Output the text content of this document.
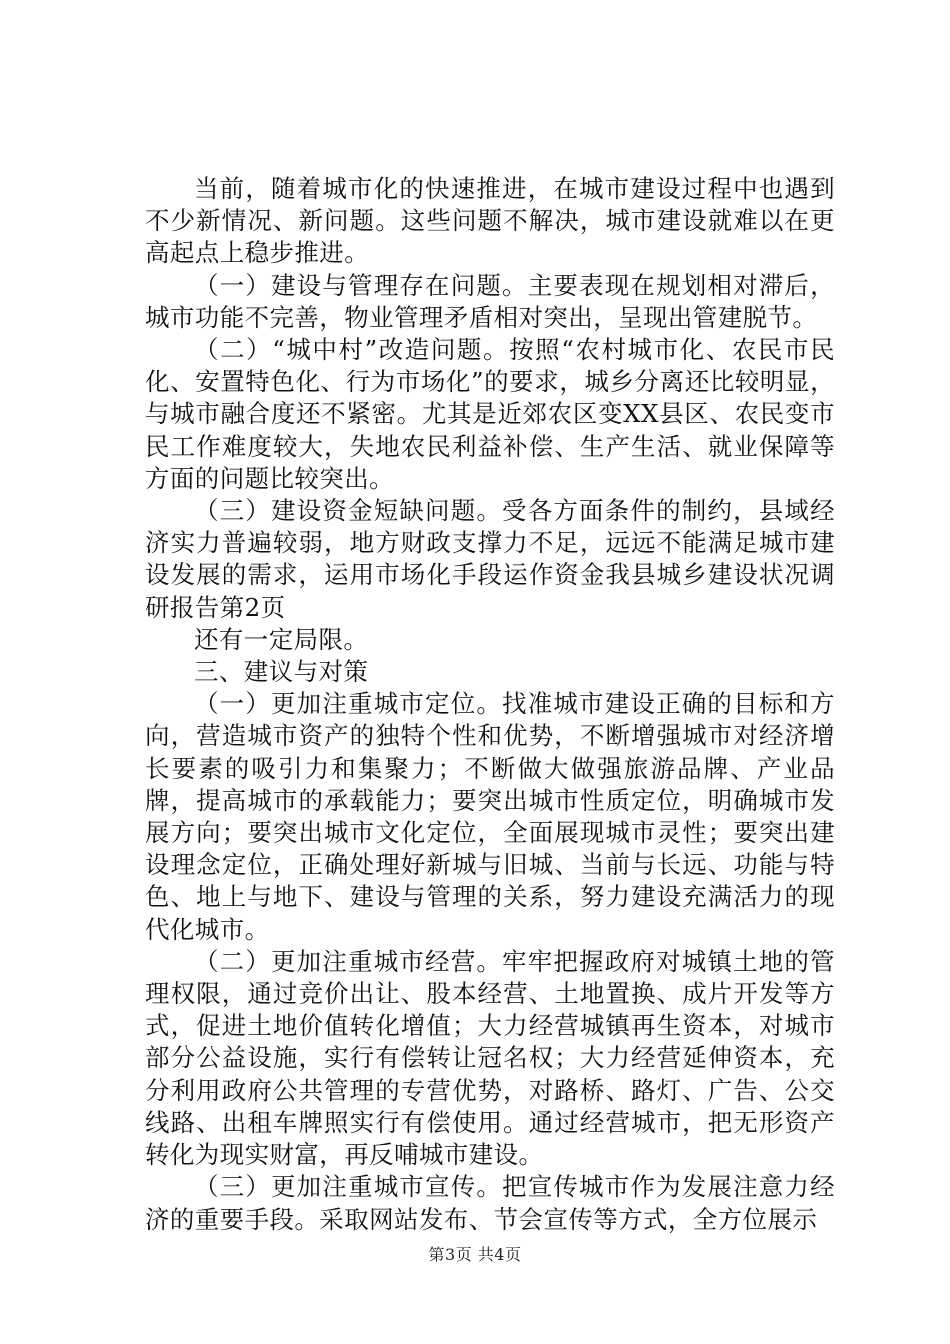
当前，随着城市化的快速推进，在城市建设过程中也遇到不少新情况、新问题。这些问题不解决，城市建设就难以在更高起点上稳步推进。

（一）建设与管理存在问题。主要表现在规划相对滞后，城市功能不完善，物业管理矛盾相对突出，呈现出管建脱节。

（二）“城中村”改造问题。按照“农村城市化、农民市民化、安置特色化、行为市场化”的要求，城乡分离还比较明显，与城市融合度还不紧密。尤其是近郊农区变XX县区、农民变市民工作难度较大，失地农民利益补偿、生产生活、就业保障等方面的问题比较突出。

（三）建设资金短缺问题。受各方面条件的制约，县域经济实力普遍较弱，地方财政支撑力不足，远远不能满足城市建设发展的需求，运用市场化手段运作资金我县城乡建设状况调研报告第2页

还有一定局限。

三、建议与对策

（一）更加注重城市定位。找准城市建设正确的目标和方向，营造城市资产的独特个性和优势，不断增强城市对经济增长要素的吸引力和集聚力；不断做大做强旅游品牌、产业品牌，提高城市的承载能力；要突出城市性质定位，明确城市发展方向；要突出城市文化定位，全面展现城市灵性；要突出建设理念定位，正确处理好新城与旧城、当前与长远、功能与特色、地上与地下、建设与管理的关系，努力建设充满活力的现代化城市。

（二）更加注重城市经营。牢牢把握政府对城镇土地的管理权限，通过竞价出让、股本经营、土地置换、成片开发等方式，促进土地价值转化增值；大力经营城镇再生资本，对城市部分公益设施，实行有偿转让冠名权；大力经营延伸资本，充分利用政府公共管理的专营优势，对路桥、路灯、广告、公交线路、出租车牌照实行有偿使用。通过经营城市，把无形资产转化为现实财富，再反哺城市建设。

（三）更加注重城市宣传。把宣传城市作为发展注意力经济的重要手段。采取网站发布、节会宣传等方式，全方位展示

第3页 共4页
